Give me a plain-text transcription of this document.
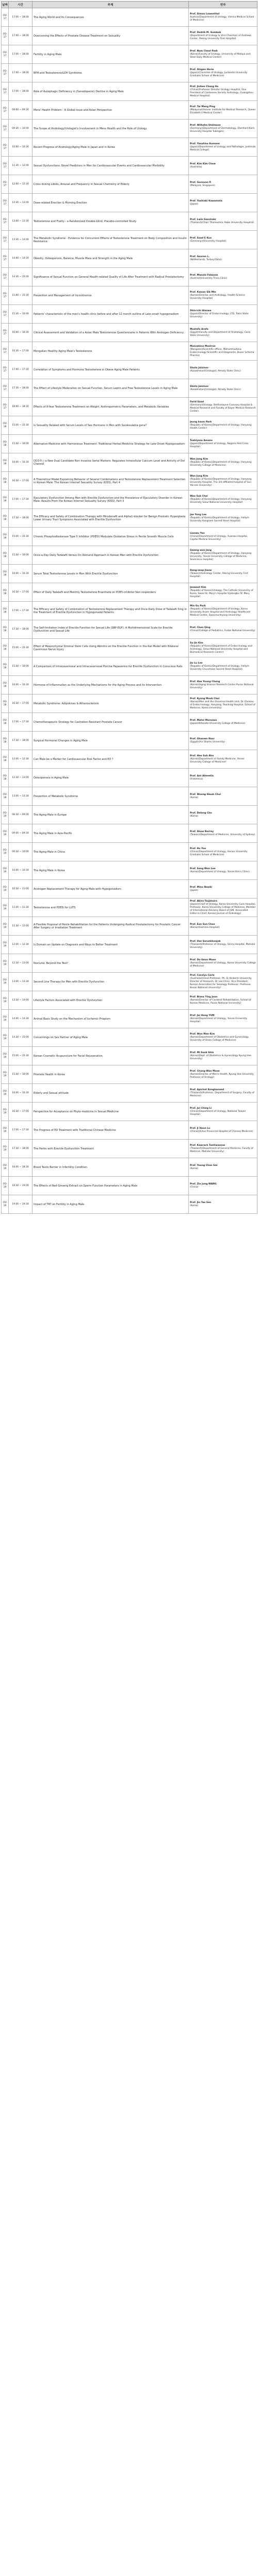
날짜	시간	주제	연자
05/17	17:00 ~ 18:00	The Aging World and Its Consequences	Prof. Simon Lowenthal
Austria/(Department of Urology, Vienna Medical School of Medicine)

05/17	17:00 ~ 18:00	Overcoming the Effects of Prostate Disease Treatment on Sexuality	Prof. Dedrik M. Gombak
(Department of Urology & Vice Chairman of Andrews Center, Peking University First Hospital)

05/17	17:00 ~ 18:00	Fertility in Aging Male	Prof. Nam Cheol Park
(Korea)(Faculty of Urology, University of Malaya and Steel Daily Medical Center)

05/17	17:00 ~ 18:00	BPH and Testosterone/LOH Syndrome	Prof. Shigeo Horie
(Japan)(Chairman of Urology, Juntendo University Graduate School of Medicine)

05/17	17:00 ~ 18:00	Role of Autophagic Deficiency in (Senodopenic) Decline in Aging Male	Prof. Jinhee Chang Ho
(China)(Professor Director Urology Hospital, Vice President of Cantonese Society Andrology, Guangzhou Medical Hospital)

05/17	09:00 ~ 09:30	Mens' Health Problem : A Global Issue and Asian Perspective	Prof. Tai Meng Ping
(Malaysia)(Hoover Institute for Medical Research, Queen Elizabeth II Medical Center)

05/17	09:30 ~ 10:00	The Scope of Andrology/Urologist's Involvement in Mens Health and the Role of Urology	Prof. Wilhelm Stolmann
(Germany)(Department of Dermatology, Eberhard-Karls University Hospital Tubingen)

05/17	10:00 ~ 10:30	Recent Progress of Andrology/Aging Male in Japan and in Korea	Prof. Yasuhisa Kumano
(Japan)(Department of Urology and Pathologie, Juntendo Medical College)

05/17	11:30 ~ 12:00	Sexual Dysfunctions: Novel Predictors in Men for Cardiovascular Events and Cardiovascular Morbidity	Prof. Kim Kim Chow
(Australia)

05/17	12:00 ~ 12:30	Cross-linking Libido, Arousal and Frequency in Sexual Chemistry of Elderly	Prof. Gunavan P.
(Malaysia, Singapore)

05/17	12:30 ~ 13:00	Dose-related Erection & Morning Erection	Prof. Yoshiaki Kawamata
(Japan)

05/17	13:00 ~ 13:30	Testosterone and Frailty - a Randomised Double-blind, Placebo-controlled Study	Prof. Lwin Ganchakr
(Thailand)(Chair Thainautica, Kobe University Hospital)

05/17	13:30 ~ 14:00	The Metabolic Syndrome - Evidence for Concurrent Effects of Testosterone Treatment on Body Composition and Insulin Resistance	Prof. Saad E Kuo
(Germany)(University Hospital)

05/17	14:00 ~ 14:30	Obesity, Osteoporosis, Balance, Muscle Mass and Strength in the Aging Male	Prof. Gooren L.
(Netherlands, Turkey)(Sitai)

05/17	14:30 ~ 15:00	Significance of Sexual Function on General Health-related Quality of Life After Treatment with Radical Prostatectomy	Prof. Manolo Fabosse
(Austria)(University Trivia Clinic)

05/17	15:00 ~ 15:30	Prevention and Management of Incontinence	Prof. Kwoon Sik Min
(Korea)(Director and Andrology, Health Science University Hospital)

05/17	15:30 ~ 16:00	Patients' characteristic of the men's health clinic before and after 12 month outline of Late-onset hypogonadism	Shin-ichi Aisawa
(Japan)(Director of Endocrinology, LTD, Tokio State University)

05/17	16:00 ~ 16:30	Clinical Assessment and Validation of a Asian Male Testosterone Questionnaire in Patients With Androgen Deficiency	Mostafa Arafa
(Egypt)(Faculty and Department of Andrology, Cairo State University)

05/17	16:30 ~ 17:00	Mongolian Healthy Aging Male's Testosterone	Manzakina Mostrun
(Mongolia)(Scientific officer, Mohammadana Endocrinology Scientific and Diagnostic, Buser Schema Pharma)

05/17	17:00 ~ 17:30	Correlation of Symptoms and Hormone Testosterone in Obese Aging Male Patients	Shota Jaisinov
(Kazakhstan)(Urologist, Almaty State Clinic)

05/17	17:30 ~ 18:00	The Effect of Lifestyle Moderation on Sexual Function, Serum Leptin and Free Testosterone Levels in Aging Male	Shota Jaisinov
(Kazakhstan)(Urologist, Almaty State Clinic)

05/17	18:00 ~ 18:30	Effects of 8-Year Testosterone Treatment on Weight, Anthropometric Parameters, and Metabolic Variables	Farid Saad
(Germany)(Urology, Bellfontayne Coronary Hospital & Medical Research and Faculty of Bayer Medical Research Center)

05/18	15:00 ~ 15:30	Is Sexuality Related with Serum Levels of Sex Hormone in Men with Sarakoulakia gene?	Jeong kwon Park
(Republic of Korea)(Department of Urology, Hanyang Health Center)

05/18	15:30 ~ 16:00	Alternative Medicine with Harmonious Treatment: Traditional Herbal Medicine Strategy for Late Onset Hypogonadism	Toshiyasu Amano
(Japan)(Department of Urology, Nagano Red Cross Hospital)

05/18	16:00 ~ 16:30	DD3-Y(-) a New Dual Candidate Non Invasive Serial Markers: Regulates Intracellular Calcium Level and Activity of Del Channel	Woo Jung Kim
(Republic of Korea)(Department of Urology, Hanyang University College of Medicine)

05/18	16:30 ~ 17:00	A Theoretical Model Explaining Behavior of Several Combinations and Testosterone Replacement Treatment Selection in Korean Male: The Korean Internet Sexuality Survey (KISS), Part 4	Won Jung Kim
(Republic of Korea)(Department of Urology, Hanyang University Hospital, The 3rd affiliated hospital of Sun Yat-sen University)

05/18	17:00 ~ 17:30	Ejaculatory Dysfunction Among Men with Erectile Dysfunction and the Prevalence of Ejaculatory Disorder in Korean Male: Results From the Korean Internet Sexuality Survey (KISS), Part 3	Woo Suk Choi
(Republic of Korea)(Department of Urology, Hanyang University Seoul National University Hospital)

05/18	17:30 ~ 18:00	The Efficacy and Safety of Combination Therapy with Mirodenafil and Alpha1-blocker for Benign Prostatic Hyperplasia Lower Urinary Tract Symptoms Associated with Erectile Dysfunction	Jae Yong Lee
(Republic of Korea)(Department of Urology, Hallym University Kangnam Sacred Heart Hospital)

05/18	15:00 ~ 15:30	Chronic Phosphodiesterase Type 5 Inhibitor (PDE5I) Modulate Oxidative Stress in Penile Smooth Muscle Cells	Lianwu Yan
(China)(Department of Urology, Xuanwu Hospital, Capital Medical University)

05/18	15:30 ~ 16:00	Once-a-Day Daily Tadalafil Versus On-Demand Approach in Korean Men with Erectile Dysfunction	Gwang woo Jang
(Republic of Korea)(Department of Urology, Hanyang University, Yonsei University College of Medicine, Severance Hospital)

05/18	16:00 ~ 16:30	Serum Total Testosterone Levels in Men With Erectile Dysfunction	Dong-seop Jiaow
(Taiwan)(Andrology Center, Peking University First Hospital)

05/18	16:30 ~ 17:00	Effect of Daily Tadalafil and Monthly Testosterone Enanthate on PDE5-inhibitor Non-responders	Jeewoot Kim
(Republic of Korea)(Urology, The Catholic University of Korea, Seoul St. Mary's Hospital Uijeongbu St. Mary Hospital)

05/18	17:00 ~ 17:30	The Efficacy and Safety of Combination of Testosterone Replacement Therapy and Once-Daily Dose of Tadalafil 5mg in the Treatment of Erectile Dysfunction in Hypogonadal Patients	Min Gu Park
(Republic of Korea)(Department of Urology, Korea University Anam Hospital and Andrology Healthcare Medical Center, Soonchunhyang University)

05/18	17:30 ~ 18:00	The Self-limitation Index of Erectile Function for Sexual Life (SBP-EGF): A Multidimensional Scale for Erectile Dysfunction and Sexual Life	Prof. Chen Qing
(China)(College of Pediatrics, Fudan National University)

05/18	15:00 ~ 15:30	Effect of Mesenchymal Stromal Stem Cells Using Abinitro on the Erectile Function in the Rat Model with Bilateral Cavernous Nerve Injury	Su Jin Kim
(Republic of Korea)(Department of Endocrinology and Andrology, Seoul National University Hospital and Biomedical Research Center)

05/18	15:30 ~ 16:00	A Comparison of Intracavernosal and Intracavernosal Porcine Papaverine for Erectile Dysfunction in Conscious Rats	Jin Lu Lee
(Republic of Korea)(Department of Urology, Hallym University Chuncheon Sacred Heart Hospital)

05/18	16:00 ~ 16:30	Hormone of Inflammation as the Underlying Mechanisms for the Aging Process and its Intervention	Prof. Hae Young Chung
(Korea)(Aging Science Research Center Pusan National University)

05/18	16:30 ~ 17:00	Metabolic Syndrome: Adipokines & Atherosclerosis	Prof. Kyung Mook Choi
(Korea)(Men and the Universal Health Unit, Dr. Division of Endocrinology, Hanyang, Teaching Hospital, School of Medicine, Korea University)

05/18	17:00 ~ 17:30	Chemotherapeutic Strategy for Castration-Resistant Prostate Cancer	Prof. Motoi Morozwa
(Japan)(Kitasato University College of Medicine)

05/18	17:30 ~ 18:00	Surgical Hormonal Changes in Aging Male	Prof. Ghanem Nasr
(Egypt)(Ain Shams University)

05/18	12:00 ~ 12:30	Can Male be a Marker for Cardiovascular Risk Factor and ED ?	Prof. Hee Sub Ahn
(Korea)(Department of Family Medicine, Yonsei University College of Medicine)

05/18	12:30 ~ 13:00	Osteoporosis in Aging Male	Prof. Ant Almeelia
(Indonesia)

05/18	13:00 ~ 13:30	Prevention of Metabolic Syndrome	Prof. Woong Heum Choi
(Korea)

05/19	08:30 ~ 09:00	The Aging Male in Europe	Prof. Delong Cho
(Korea)

05/19	09:00 ~ 09:30	The Aging Male in Asia-Pacific	Prof. Shaw Narrey
(Taiwan)(Department of Medicine, University of Sydney)

05/19	09:30 ~ 10:00	The Aging Male in China	Prof. Ho Yoo
(China)(Department of Urology, Henan University Graduate School of Medicine)

05/19	10:00 ~ 10:30	The Aging Male in Korea	Prof. Sang Won Lee
(Korea)(Department of Urology, Yonsei Kim's Clinic)

05/19	10:30 ~ 11:00	Androgen Replacement Therapy for Aging Male with Hypogonadism	Prof. Mino Nawki
(Japan)

05/19	11:00 ~ 11:30	Testosterone and PDE5i for LUTS	Prof. Akira Tsujimura
(Japan)(Chief of Urology, Korea University Guro Hospital, Professor, Korea University College of Medicine, Member of International Advisory Board of JSM, Associated Editor-in-Chief, Korean Journal of Andrology)

05/19	11:30 ~ 12:00	A Flexible Proposal of Penile Rehabilitation for the Patients Undergoing Radical Prostatectomy for Prostatic Cancer After Surgery or Irradiation Treatment	Prof. Eun Sun Choo
(Korea)(Gamma Hospital)

05/19	12:00 ~ 12:30	Is Domain an Update on Diagnosis and Ways to Better Treatment	Prof. Vee Sarunkhonjok
(Thailand)(Professor of Urology, Siriraj Hospital, Mahidol University)

05/19	12:30 ~ 13:00	Nocturia: Beyond the Test?	Prof. Do Geun Moon
(Korea)(Department of Urology, Korea University College of Medicine)

05/19	13:00 ~ 13:30	Second Line Therapy for Men with Erectile Dysfunction	Prof. Carolyn Carle
(Australia)(Head Professor, Ph. D, Kinkerle University, Director of Research, Dr Lee Clinic, Vice President, Korean Association for Sexology Professor, Professor, Busan National University)

05/19	13:30 ~ 14:00	Lifestyle Factors Associated with Erectile Dysfunction	Prof. Biana Ying Joon
(Korea)(Director of Cerebral Rehabilitation, School of Korean Medicine, Pusan National University)

05/19	14:00 ~ 14:30	Animal Basic Study on the Mechanism of Ischemic Priapism	Prof. Jai Hong YUM
(Korea)(Department of Urology, Yonsei University Hospital)

05/19	14:30 ~ 15:00	Concernings on Sex Partner of Aging Male	Prof. Won Mee Kim
(Korea)(Department of Obstetrics and Gynecology, University of Ulsan College of Medicine)

05/19	15:00 ~ 15:30	Korean Cosmetic Acupuncture for Facial Rejuvenation	Prof. Mi Sook Shin
(Korea)(Dept. of Obstetrics & Gynecology Kyung Hee University)

05/19	15:30 ~ 16:00	Prostate Health in Korea	Prof. Chung-Wan Moon
(Korea)(Director of Men's Health, Kyung Hee University Professor of Urology)

05/19	16:00 ~ 16:30	Elderly and Sexual attitude	Prof. Apichat Kongkanand
(Thailand)(Professor, Department of Surgery, Faculty of Medicine)

05/19	16:30 ~ 17:00	Perspective for Acceptance on Phyto-medicine in Sexual Medicine	Prof. Jui Ching Li
(China)(Department of Urology, National Taiwan Hospital)

05/19	17:00 ~ 17:30	The Progress of ED Treatment with Traditional Chinese Medicine	Prof. Ji Hoon Lu
(China)(Anhui Provincial Hospital of Chinese Medicine)

05/19	17:30 ~ 18:00	The Herbs with Erectile Dysfunction Treatment	Prof. Kawrach Tantiwasnse
(Thailand)(Department of General Medicine, Faculty of Medicine, Mahidol University)

05/19	18:00 ~ 18:30	Blood Testis Barrier in Infertility Condition	Prof. Young Chan Gai
(Korea)

05/19	18:30 ~ 19:00	The Effects of Red Ginseng Extract on Sperm Function Parameters in Aging Male	Prof. Zio Jung WANG
(China)

05/19	19:00 ~ 19:30	Impact of TRT on Fertility in Aging Male	Prof. Jin Tae Seo
(Korea)
